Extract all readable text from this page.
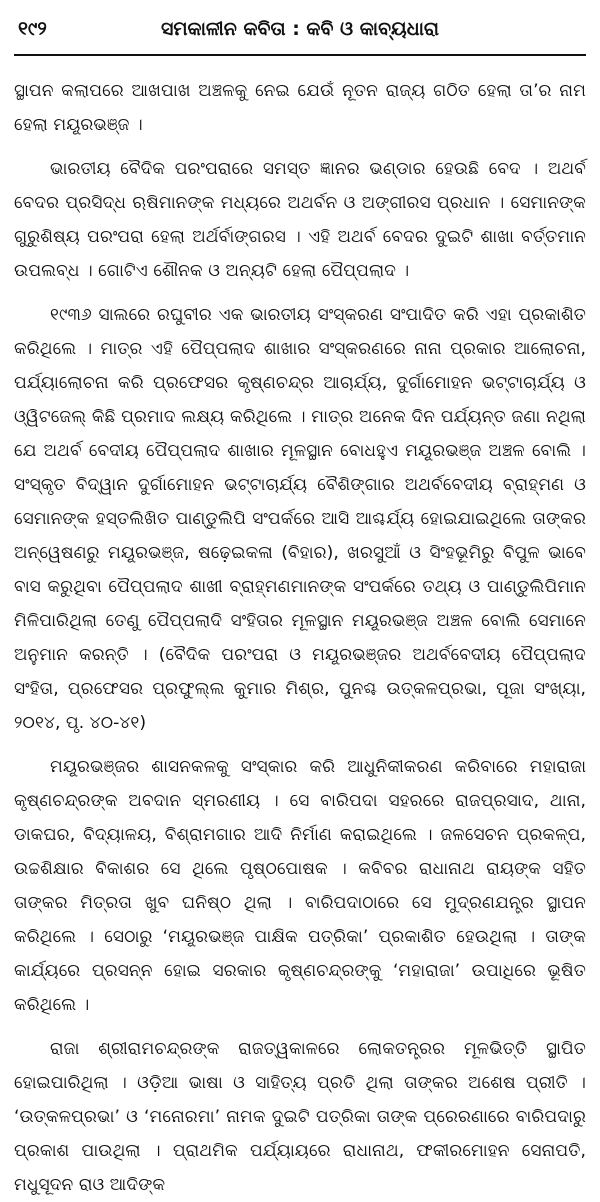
୧୯୨	ସମକାଳୀନ କବିତା : କବି ଓ କାବ୍ୟଧାରା

ସ୍ଥାପନ କଲାପରେ ଆଖପାଖ ଅଞ୍ଚଳକୁ ନେଇ ଯେଉଁ ନୂତନ ରାଜ୍ୟ ଗଠିତ ହେଲା ତା’ର ନାମ ହେଲା ମୟୂରଭଞ୍ଜ ।

ଭାରତୀୟ ବୈଦିକ ପରଂପରାରେ ସମସ୍ତ ଜ୍ଞାନର ଭଣ୍ଡାର ହେଉଛି ବେଦ । ଅଥର୍ବ ବେଦର ପ୍ରସିଦ୍ଧ ଋଷିମାନଙ୍କ ମଧ୍ୟରେ ଅଥର୍ବନ ଓ ଅଙ୍ଗୀରସ ପ୍ରଧାନ । ସେମାନଙ୍କ ଗୁରୁଶିଷ୍ୟ ପରଂପରା ହେଲା ଅର୍ଥର୍ବାଙ୍ଗରସ । ଏହି ଅଥର୍ବ ବେଦର ଦୁଇଟି ଶାଖା ବର୍ତ୍ତମାନ ଉପଲବ୍ଧ । ଗୋଟିଏ ଶୌନକ ଓ ଅନ୍ୟଟି ହେଲା ପୈପ୍ପଲାଦ ।

୧୯୩୬ ସାଲରେ ରଘୁବୀର ଏକ ଭାରତୀୟ ସଂସ୍କରଣ ସଂପାଦିତ କରି ଏହା ପ୍ରକାଶିତ କରିଥିଲେ । ମାତ୍ର ଏହି ପୈପ୍ପଲାଦ ଶାଖାର ସଂସ୍କରଣରେ ନାନା ପ୍ରକାର ଆଲୋଚନା, ପର୍ଯ୍ୟାଲୋଚନା କରି ପ୍ରଫେସର କୃଷ୍ଣଚନ୍ଦ୍ର ଆଚାର୍ଯ୍ୟ, ଦୁର୍ଗାମୋହନ ଭଟ୍ଟାଚାର୍ଯ୍ୟ ଓ ଓ୍ୱିଟଜେଲ୍ କିଛି ପ୍ରମାଦ ଲକ୍ଷ୍ୟ କରିଥିଲେ । ମାତ୍ର ଅନେକ ଦିନ ପର୍ଯ୍ୟନ୍ତ ଜଣା ନଥିଲା ଯେ ଅଥର୍ବ ବେଦୀୟ ପୈପ୍ପଲାଦ ଶାଖାର ମୂଳସ୍ଥାନ ବୋଧହୁଏ ମୟୂରଭଞ୍ଜ ଅଞ୍ଚଳ ବୋଲି । ସଂସ୍କୃତ ବିଦ୍ୱାନ ଦୁର୍ଗାମୋହନ ଭଟ୍ଟାଚାର୍ଯ୍ୟ ବୈଶିଙ୍ଗାର ଅଥର୍ବବେଦୀୟ ବ୍ରାହ୍ମଣ ଓ ସେମାନଙ୍କ ହସ୍ତଲିଖିତ ପାଣ୍ଡୁଲିପି ସଂପର୍କରେ ଆସି ଆଶ୍ଚର୍ଯ୍ୟ ହୋଇଯାଇଥିଲେ ତାଙ୍କର ଅନ୍ୱେଷଣରୁ ମୟୂରଭଞ୍ଜ, ଷଢ଼େଇକଳା (ବିହାର), ଖରସୁଆଁ ଓ ସିଂହଭୂମିରୁ ବିପୁଳ ଭାବେ ବାସ କରୁଥିବା ପୈପ୍ପଲାଦ ଶାଖୀ ବ୍ରାହ୍ମଣମାନଙ୍କ ସଂପର୍କରେ ତଥ୍ୟ ଓ ପାଣ୍ଡୁଲିପିମାନ ମିଳିପାରିଥିଲା ତେଣୁ ପୈପ୍ପଲାଦି ସଂହିତାର ମୂଳସ୍ଥାନ ମୟୂରଭଞ୍ଜ ଅଞ୍ଚଳ ବୋଲି ସେମାନେ ଅନୁମାନ କରନ୍ତି । (ବୈଦିକ ପରଂପରା ଓ ମୟୂରଭଞ୍ଜର ଅଥର୍ବବେଦୀୟ ପୈପ୍ପଲାଦ ସଂହିତା, ପ୍ରଫେସର ପ୍ରଫୁଲ୍ଲ କୁମାର ମିଶ୍ର, ପୁନଶ୍ଚ ଉତ୍କଳପ୍ରଭା, ପୂଜା ସଂଖ୍ୟା, ୨୦୧୪, ପୃ. ୪୦-୪୧)

ମୟୂରଭଞ୍ଜର ଶାସନକଳକୁ ସଂସ୍କାର କରି ଆଧୁନିକୀକରଣ କରିବାରେ ମହାରାଜା କୃଷ୍ଣଚନ୍ଦ୍ରଙ୍କ ଅବଦାନ ସ୍ମରଣୀୟ । ସେ ବାରିପଦା ସହରରେ ରାଜପ୍ରସାଦ, ଥାନା, ଡାକଘର, ବିଦ୍ୟାଳୟ, ବିଶ୍ରାମଗାର ଆଦି ନିର୍ମାଣ କରାଇଥିଲେ । ଜଳସେଚନ ପ୍ରକଳ୍ପ, ଉଚ୍ଚଶିକ୍ଷାର ବିକାଶର ସେ ଥିଲେ ପୃଷ୍ଠପୋଷକ । କବିବର ରାଧାନାଥ ରାୟଙ୍କ ସହିତ ତାଙ୍କର ମିତ୍ରତା ଖୁବ ଘନିଷ୍ଠ ଥିଲା । ବାରିପଦାଠାରେ ସେ ମୁଦ୍ରଣଯନ୍ତ୍ର ସ୍ଥାପନ କରିଥିଲେ । ସେଠାରୁ ‘ମୟୂରଭଞ୍ଜ ପାକ୍ଷିକ ପତ୍ରିକା’ ପ୍ରକାଶିତ ହେଉଥିଲା । ତାଙ୍କ କାର୍ଯ୍ୟରେ ପ୍ରସନ୍ନ ହୋଇ ସରକାର କୃଷ୍ଣଚନ୍ଦ୍ରଙ୍କୁ ‘ମହାରାଜା’ ଉପାଧିରେ ଭୂଷିତ କରିଥିଲେ ।

ରାଜା ଶ୍ରୀରାମଚନ୍ଦ୍ରଙ୍କ ରାଜତ୍ୱକାଳରେ ଲୋକତନ୍ତ୍ରର ମୂଳଭିତ୍ତି ସ୍ଥାପିତ ହୋଇପାରିଥିଲା । ଓଡ଼ିଆ ଭାଷା ଓ ସାହିତ୍ୟ ପ୍ରତି ଥିଲା ତାଙ୍କର ଅଶେଷ ପ୍ରୀତି । ‘ଉତ୍କଳପ୍ରଭା’ ଓ ‘ମନୋରମା’ ନାମକ ଦୁଇଟି ପତ୍ରିକା ତାଙ୍କ ପ୍ରେରଣାରେ ବାରିପଦାରୁ ପ୍ରକାଶ ପାଉଥିଲା । ପ୍ରାଥମିକ ପର୍ଯ୍ୟାୟରେ ରାଧାନାଥ, ଫକୀରମୋହନ ସେନାପତି, ମଧୁସୂଦନ ରାଓ ଆଦିଙ୍କ
